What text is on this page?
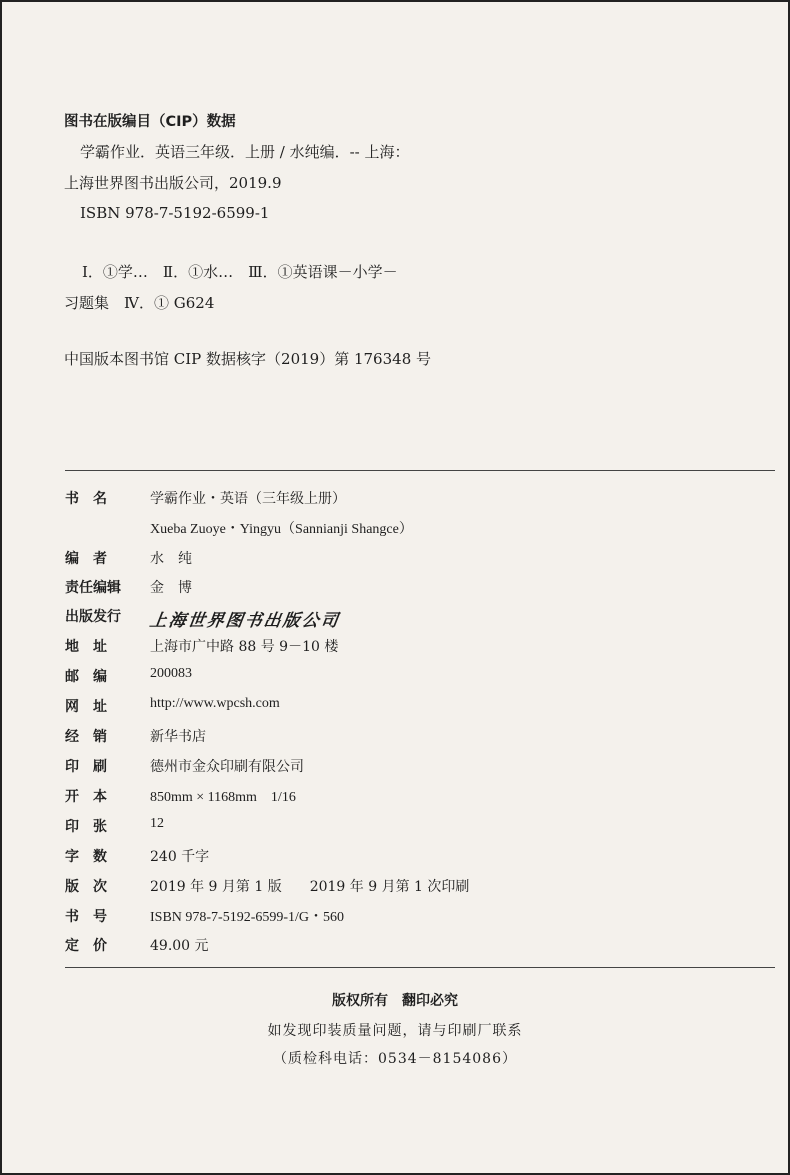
图书在版编目（CIP）数据
学霸作业．英语三年级．上册 / 水纯编．-- 上海：
上海世界图书出版公司，2019.9
ISBN 978-7-5192-6599-1
Ⅰ．①学…　Ⅱ．①水…　Ⅲ．①英语课－小学－
习题集　Ⅳ．① G624
中国版本图书馆 CIP 数据核字（2019）第 176348 号
书　名	学霸作业・英语（三年级上册）
Xueba Zuoye・Yingyu（Sannianji Shangce）
编　者	水　纯
责任编辑 金　博
出版发行 上海世界图书出版公司
地　址	上海市广中路 88 号 9－10 楼
邮　编	200083
网　址	http://www.wpcsh.com
经　销	新华书店
印　刷	德州市金众印刷有限公司
开　本	850mm × 1168mm　1/16
印　张	12
字　数	240 千字
版　次	2019 年 9 月第 1 版　　2019 年 9 月第 1 次印刷
书　号	ISBN 978-7-5192-6599-1/G・560
定　价	49.00 元
版权所有　翻印必究
如发现印装质量问题，请与印刷厂联系
（质检科电话：0534－8154086）
